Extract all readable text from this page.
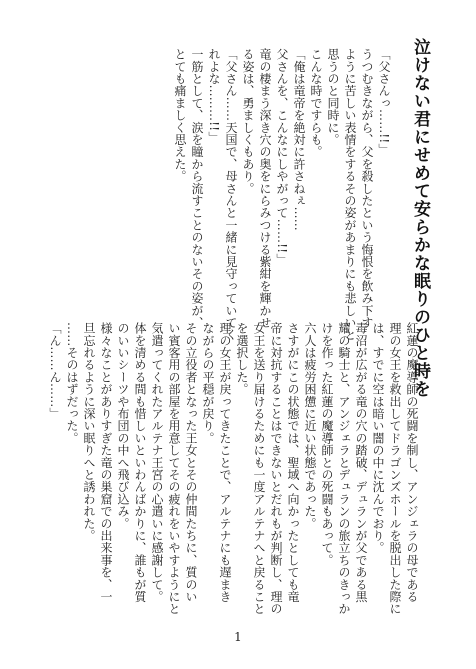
泣けない君にせめて安らかな眠りのひと時を

「父さんっ……!!」

うつむきながら、父を殺したという悔恨を飲み下す

ように苦しい表情をするその姿があまりにも悲しいと

思うのと同時に。

こんな時ですらも。

「俺は竜帝を絶対に許さねぇ……

父さんを、こんなにしやがって……!!」

竜の棲まう深き穴の奥をにらみつける紫紺を輝かせ

る姿は、勇ましくもあり。

「父さん……天国で、母さんと一緒に見守っていてく

れよな………!!」

一筋として、涙を瞳から流すことのないその姿が、

とても痛ましく思えた。

紅蓮の魔導師の死闘を制し、アンジェラの母である

理の女王を救出してドラゴンズホールを脱出した際に

は、すでに空は暗い闇の中に沈んでおり。

毒沼が広がる竜の穴の踏破、デュランが父である黒

耀の騎士と、アンジェラとデュランの旅立ちのきっか

けを作った紅蓮の魔導師との死闘もあって。

六人は疲労困憊に近い状態であった。

さすがにこの状態では、聖域へ向かったとしても竜

帝に対抗することはできないとだれもが判断し、理の

女王を送り届けるためにも一度アルテナへと戻ること

を選択した。

理の女王が戻ってきたことで、アルテナにも遅まき

ながらの平穏が戻り。

その立役者となった王女とその仲間たちに、質のい

い賓客用の部屋を用意してその疲れをいやすようにと

気遣ってくれたアルテナ王宮の心遣いに感謝して。

体を清める間も惜しいといわんばかりに、誰もが質

のいいシーツや布団の中へ飛び込み。

様々なことがありすぎた竜の巣窟での出来事を、一

旦忘れるように深い眠りへと誘われた。

……そのはずだった。

「ん……ん……」

1
